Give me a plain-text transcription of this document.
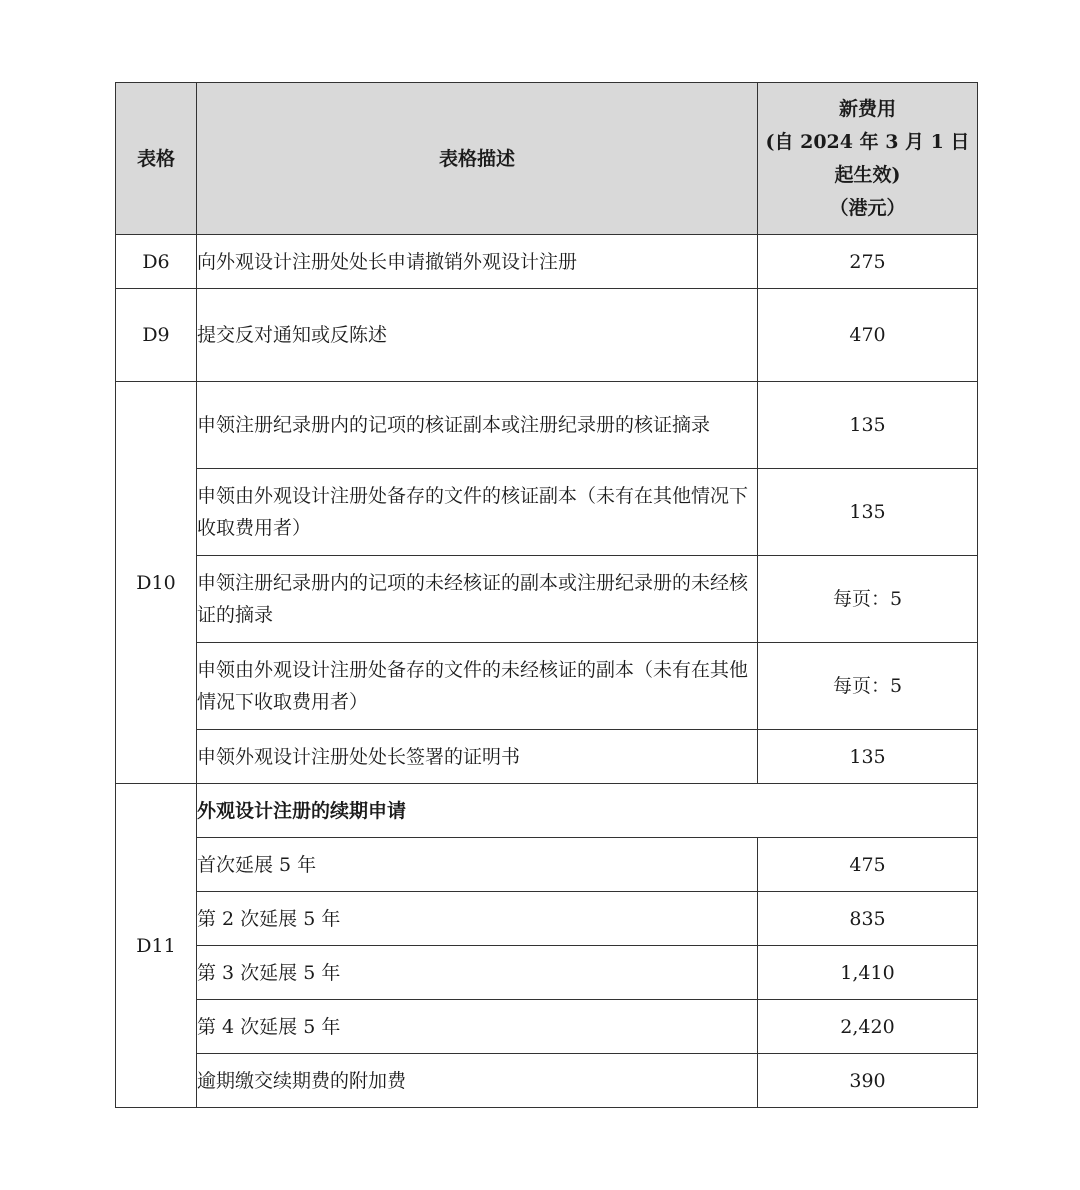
表格	表格描述	新费用
(自 2024 年 3 月 1 日
起生效)
（港元）

D6	向外观设计注册处处长申请撤销外观设计注册	275
D9	提交反对通知或反陈述	470
D10	申领注册纪录册内的记项的核证副本或注册纪录册的核证摘录	135
	申领由外观设计注册处备存的文件的核证副本（未有在其他情况下收取费用者）	135
	申领注册纪录册内的记项的未经核证的副本或注册纪录册的未经核证的摘录	每页：5
	申领由外观设计注册处备存的文件的未经核证的副本（未有在其他情况下收取费用者）	每页：5
	申领外观设计注册处处长签署的证明书	135
D11	外观设计注册的续期申请	
	首次延展 5 年	475
	第 2 次延展 5 年	835
	第 3 次延展 5 年	1,410
	第 4 次延展 5 年	2,420
	逾期缴交续期费的附加费	390
